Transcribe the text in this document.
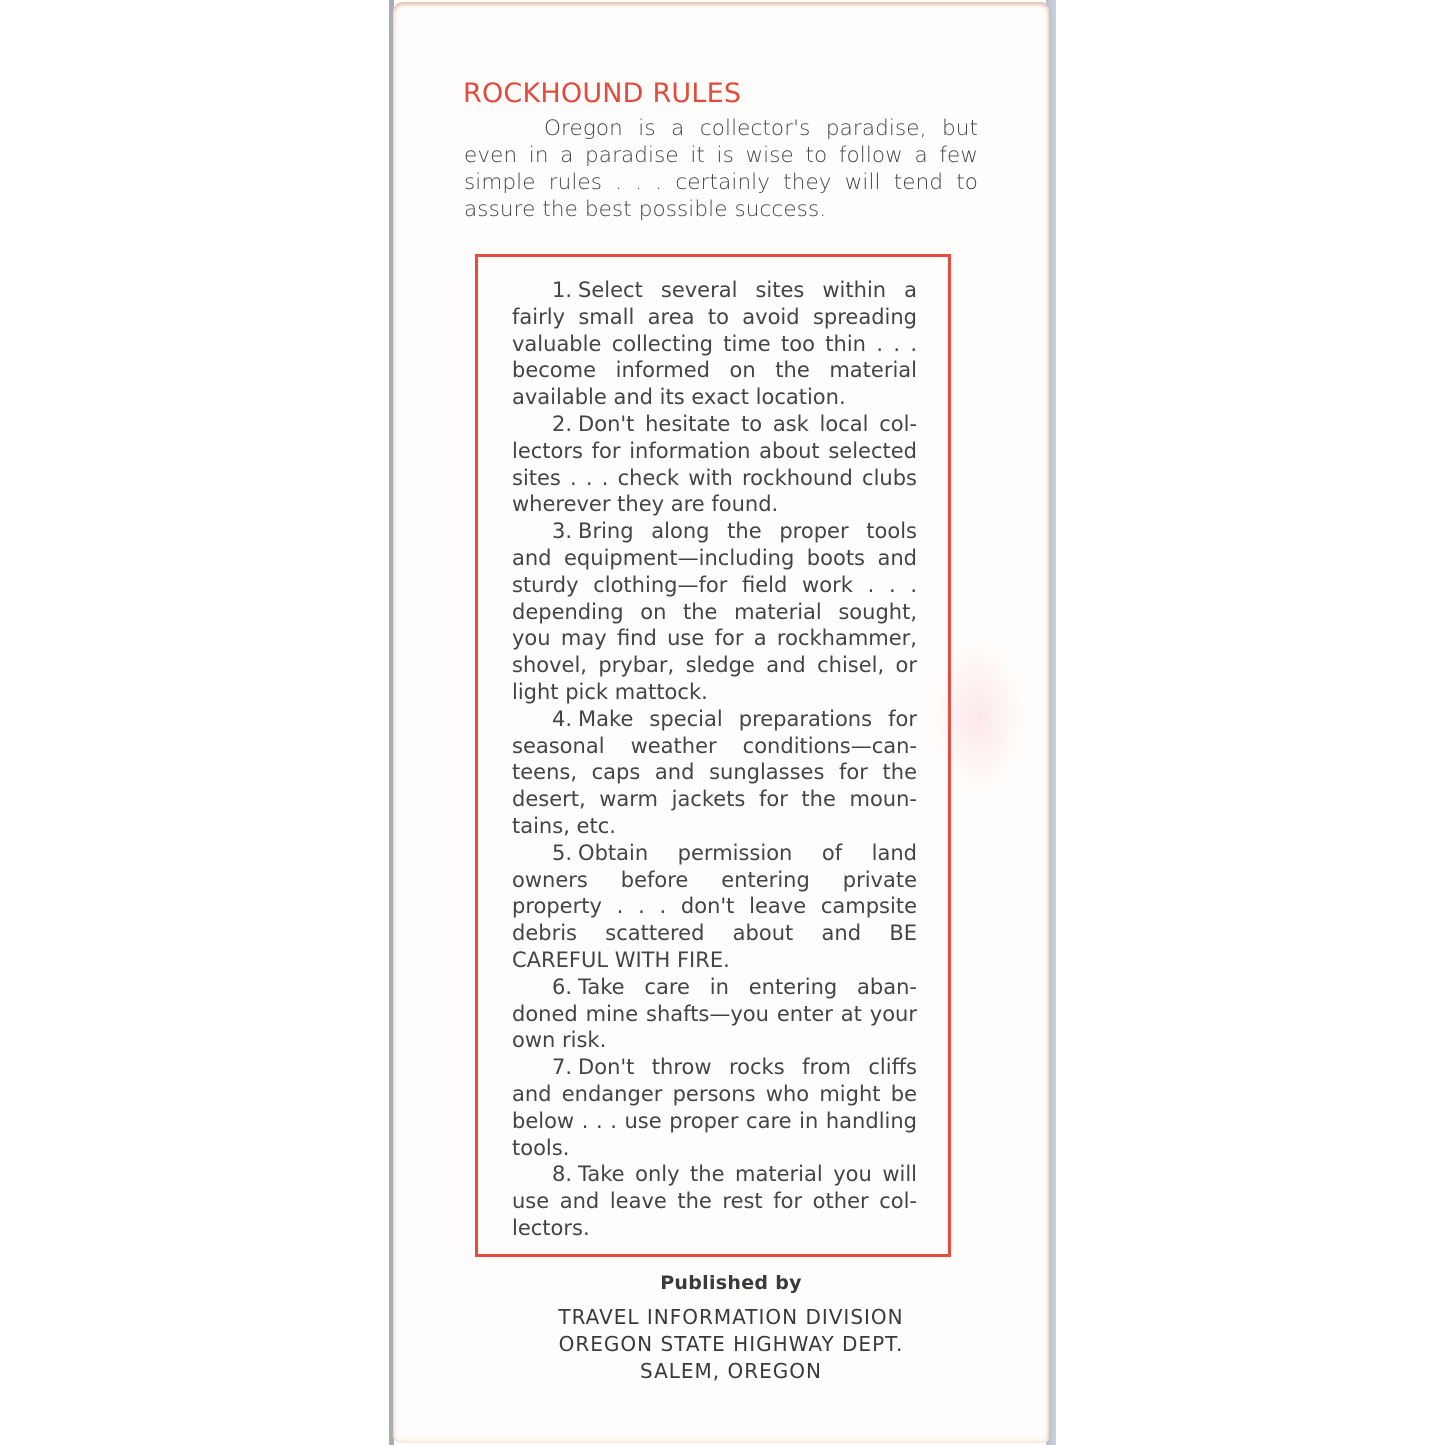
ROCKHOUND RULES

Oregon is a collector's paradise, but even in a paradise it is wise to follow a few simple rules . . . certainly they will tend to assure the best possible success.

1. Select several sites within a fairly small area to avoid spreading valuable collecting time too thin . . . become informed on the material available and its exact location.
2. Don't hesitate to ask local collectors for information about selected sites . . . check with rockhound clubs wherever they are found.
3. Bring along the proper tools and equipment—including boots and sturdy clothing—for field work . . . depending on the material sought, you may find use for a rockhammer, shovel, prybar, sledge and chisel, or light pick mattock.
4. Make special preparations for seasonal weather conditions—canteens, caps and sunglasses for the desert, warm jackets for the mountains, etc.
5. Obtain permission of land owners before entering private property . . . don't leave campsite debris scattered about and BE CAREFUL WITH FIRE.
6. Take care in entering abandoned mine shafts—you enter at your own risk.
7. Don't throw rocks from cliffs and endanger persons who might be below . . . use proper care in handling tools.
8. Take only the material you will use and leave the rest for other collectors.
Published by
TRAVEL INFORMATION DIVISION
OREGON STATE HIGHWAY DEPT.
SALEM, OREGON
